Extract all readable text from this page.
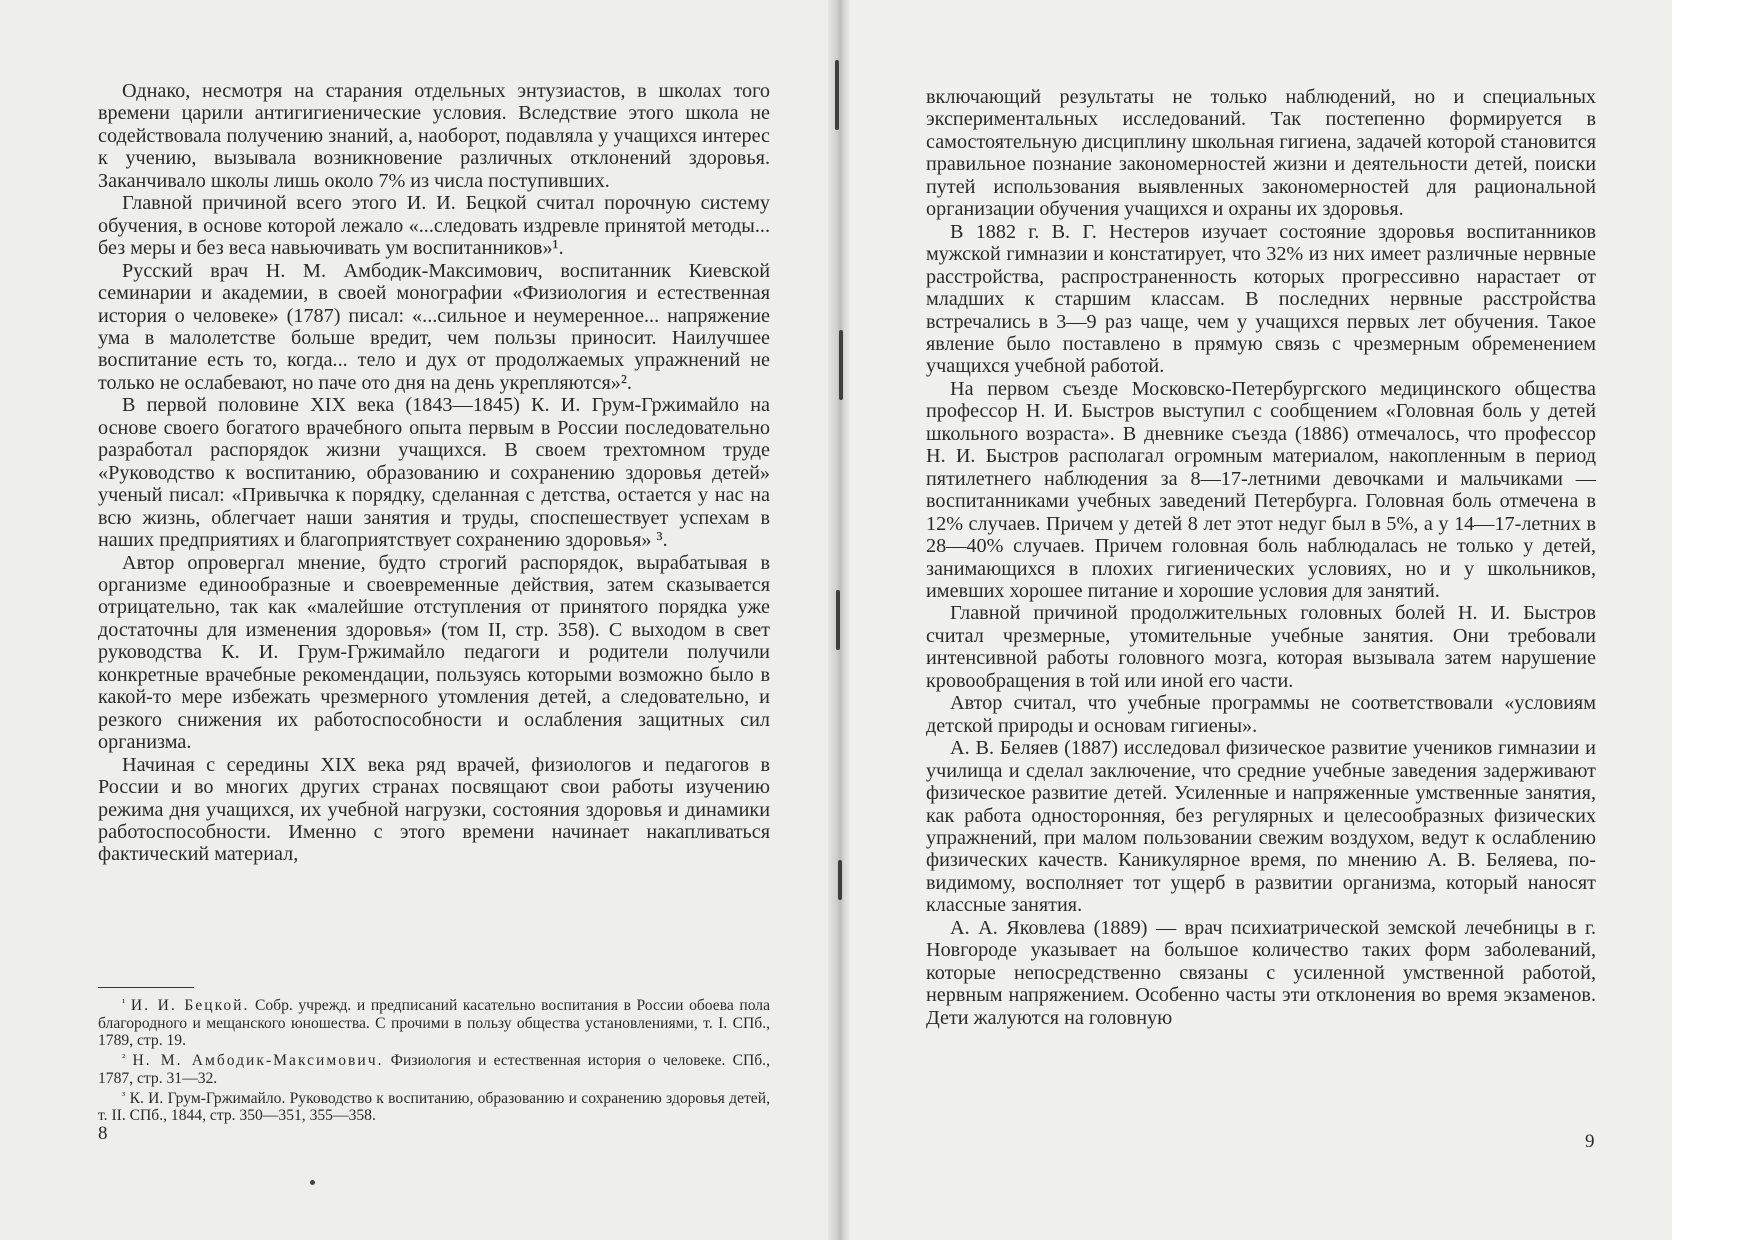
Однако, несмотря на старания отдельных энтузиастов, в школах того времени царили антигигиенические условия. Вследствие этого школа не содействовала получению знаний, а, наоборот, подавляла у учащихся интерес к учению, вызывала возникновение различных отклонений здоровья. Заканчивало школы лишь около 7% из числа поступивших.

Главной причиной всего этого И. И. Бецкой считал порочную систему обучения, в основе которой лежало «...следовать издревле принятой методы... без меры и без веса навьючивать ум воспитанников»¹.

Русский врач Н. М. Амбодик-Максимович, воспитанник Киевской семинарии и академии, в своей монографии «Физиология и естественная история о человеке» (1787) писал: «...сильное и неумеренное... напряжение ума в малолетстве больше вредит, чем пользы приносит. Наилучшее воспитание есть то, когда... тело и дух от продолжаемых упражнений не только не ослабевают, но паче ото дня на день укрепляются»².

В первой половине XIX века (1843—1845) К. И. Грум-Гржимайло на основе своего богатого врачебного опыта первым в России последовательно разработал распорядок жизни учащихся. В своем трехтомном труде «Руководство к воспитанию, образованию и сохранению здоровья детей» ученый писал: «Привычка к порядку, сделанная с детства, остается у нас на всю жизнь, облегчает наши занятия и труды, споспешествует успехам в наших предприятиях и благоприятствует сохранению здоровья» ³.

Автор опровергал мнение, будто строгий распорядок, вырабатывая в организме единообразные и своевременные действия, затем сказывается отрицательно, так как «малейшие отступления от принятого порядка уже достаточны для изменения здоровья» (том II, стр. 358). С выходом в свет руководства К. И. Грум-Гржимайло педагоги и родители получили конкретные врачебные рекомендации, пользуясь которыми возможно было в какой-то мере избежать чрезмерного утомления детей, а следовательно, и резкого снижения их работоспособности и ослабления защитных сил организма.

Начиная с середины XIX века ряд врачей, физиологов и педагогов в России и во многих других странах посвящают свои работы изучению режима дня учащихся, их учебной нагрузки, состояния здоровья и динамики работоспособности. Именно с этого времени начинает накапливаться фактический материал,

$^{^1}$ И. И. Бецкой. Собр. учрежд. и предписаний касательно воспитания в России обоева пола благородного и мещанского юношества. С прочими в пользу общества установлениями, т. I. СПб., 1789, стр. 19.

$^{^2}$ Н. М. Амбодик-Максимович. Физиология и естественная история о человеке. СПб., 1787, стр. 31—32.

$^{^3}$ К. И. Грум-Гржимайло. Руководство к воспитанию, образованию и сохранению здоровья детей, т. II. СПб., 1844, стр. 350—351, 355—358.

8

включающий результаты не только наблюдений, но и специальных экспериментальных исследований. Так постепенно формируется в самостоятельную дисциплину школьная гигиена, задачей которой становится правильное познание закономерностей жизни и деятельности детей, поиски путей использования выявленных закономерностей для рациональной организации обучения учащихся и охраны их здоровья.

В 1882 г. В. Г. Нестеров изучает состояние здоровья воспитанников мужской гимназии и констатирует, что 32% из них имеет различные нервные расстройства, распространенность которых прогрессивно нарастает от младших к старшим классам. В последних нервные расстройства встречались в 3—9 раз чаще, чем у учащихся первых лет обучения. Такое явление было поставлено в прямую связь с чрезмерным обременением учащихся учебной работой.

На первом съезде Московско-Петербургского медицинского общества профессор Н. И. Быстров выступил с сообщением «Головная боль у детей школьного возраста». В дневнике съезда (1886) отмечалось, что профессор Н. И. Быстров располагал огромным материалом, накопленным в период пятилетнего наблюдения за 8—17-летними девочками и мальчиками — воспитанниками учебных заведений Петербурга. Головная боль отмечена в 12% случаев. Причем у детей 8 лет этот недуг был в 5%, а у 14—17-летних в 28—40% случаев. Причем головная боль наблюдалась не только у детей, занимающихся в плохих гигиенических условиях, но и у школьников, имевших хорошее питание и хорошие условия для занятий.

Главной причиной продолжительных головных болей Н. И. Быстров считал чрезмерные, утомительные учебные занятия. Они требовали интенсивной работы головного мозга, которая вызывала затем нарушение кровообращения в той или иной его части.

Автор считал, что учебные программы не соответствовали «условиям детской природы и основам гигиены».

А. В. Беляев (1887) исследовал физическое развитие учеников гимназии и училища и сделал заключение, что средние учебные заведения задерживают физическое развитие детей. Усиленные и напряженные умственные занятия, как работа односторонняя, без регулярных и целесообразных физических упражнений, при малом пользовании свежим воздухом, ведут к ослаблению физических качеств. Каникулярное время, по мнению А. В. Беляева, по-видимому, восполняет тот ущерб в развитии организма, который наносят классные занятия.

А. А. Яковлева (1889) — врач психиатрической земской лечебницы в г. Новгороде указывает на большое количество таких форм заболеваний, которые непосредственно связаны с усиленной умственной работой, нервным напряжением. Особенно часты эти отклонения во время экзаменов. Дети жалуются на головную

9
